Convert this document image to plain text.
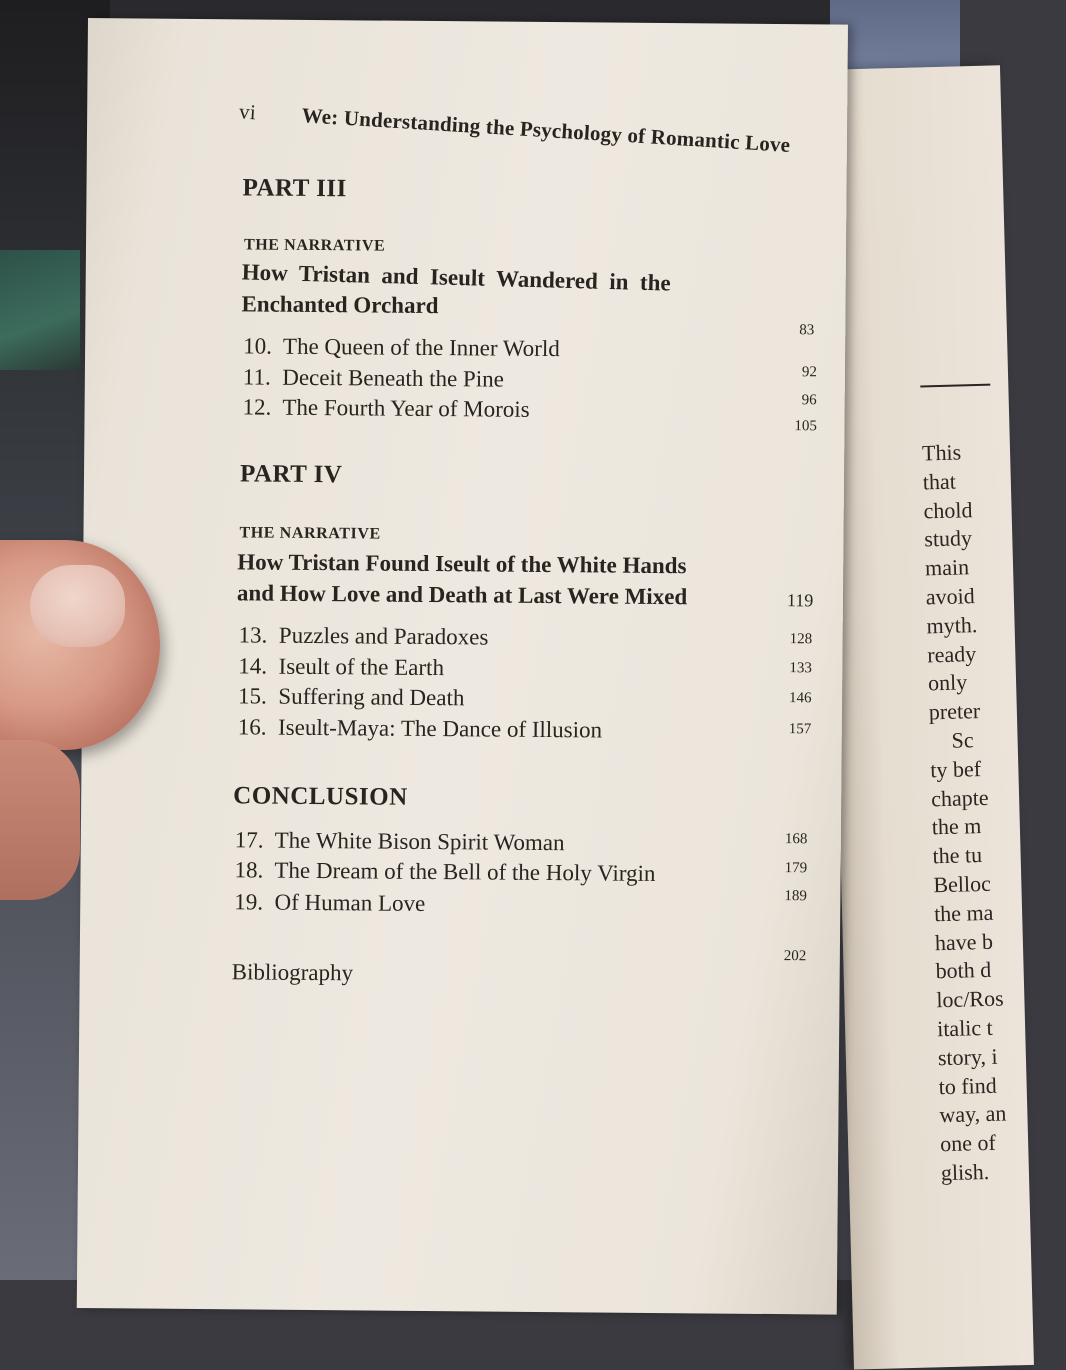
This
that
chold
study
main
avoid
myth.
ready
only
preter
Sc
ty bef
chapte
the m
the tu
Belloc
the ma
have b
both d
loc/Ros
italic t
story, i
to find
way, an
one of
glish.
vi We: Understanding the Psychology of Romantic Love
PART III
THE NARRATIVE
How  Tristan  and  Iseult  Wandered  in  the
Enchanted Orchard
83
10.  The Queen of the Inner World
11.  Deceit Beneath the Pine
12.  The Fourth Year of Morois
92
96
105
PART IV
THE NARRATIVE
How Tristan Found Iseult of the White Hands
and How Love and Death at Last Were Mixed	119
13.  Puzzles and Paradoxes
14.  Iseult of the Earth
15.  Suffering and Death
16.  Iseult-Maya: The Dance of Illusion
128
133
146
157
CONCLUSION
17.  The White Bison Spirit Woman
18.  The Dream of the Bell of the Holy Virgin
19.  Of Human Love
168
179
189
Bibliography
202
